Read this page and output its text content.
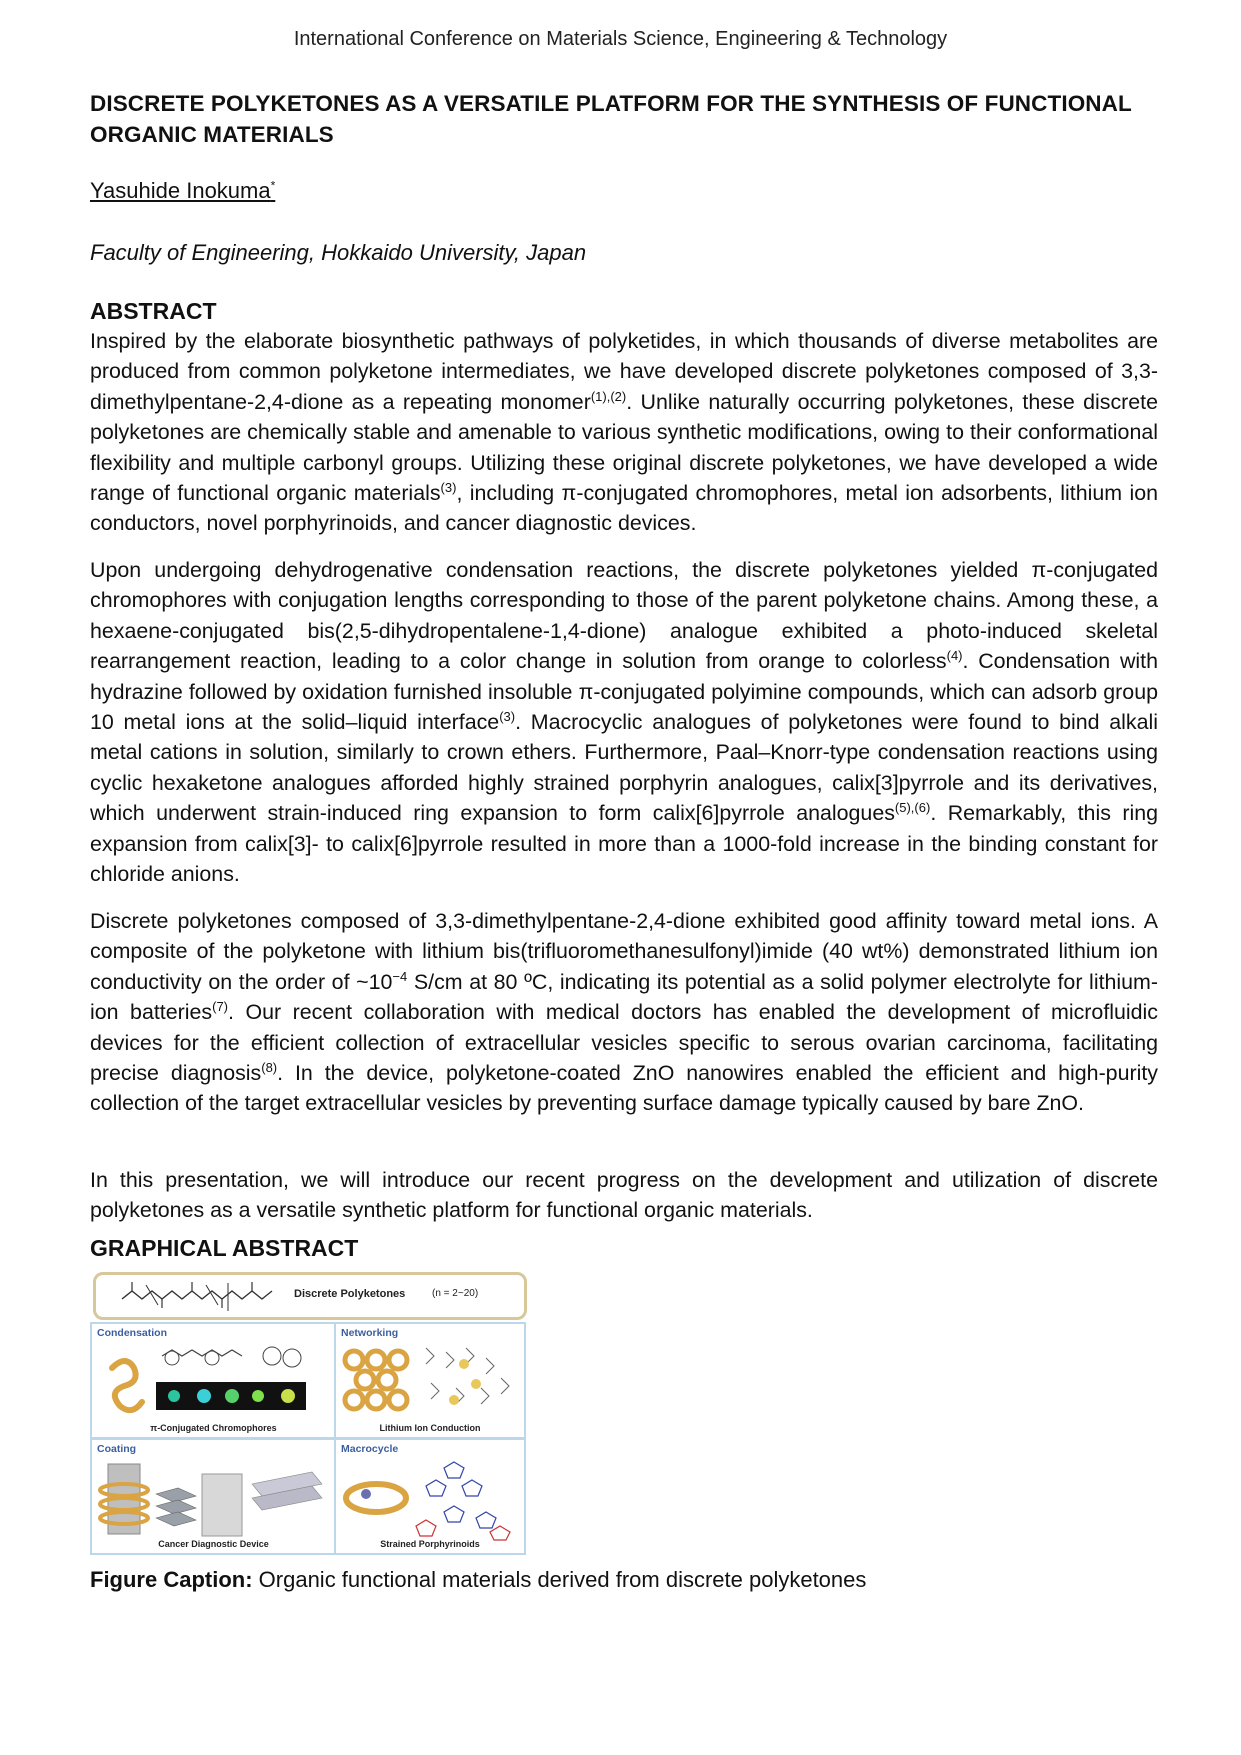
International Conference on Materials Science, Engineering & Technology
DISCRETE POLYKETONES AS A VERSATILE PLATFORM FOR THE SYNTHESIS OF FUNCTIONAL ORGANIC MATERIALS
Yasuhide Inokuma*
Faculty of Engineering, Hokkaido University, Japan
ABSTRACT
Inspired by the elaborate biosynthetic pathways of polyketides, in which thousands of diverse metabolites are produced from common polyketone intermediates, we have developed discrete polyketones composed of 3,3-dimethylpentane-2,4-dione as a repeating monomer$^{(1),(2)}$. Unlike naturally occurring polyketones, these discrete polyketones are chemically stable and amenable to various synthetic modifications, owing to their conformational flexibility and multiple carbonyl groups. Utilizing these original discrete polyketones, we have developed a wide range of functional organic materials$^{(3)}$, including π-conjugated chromophores, metal ion adsorbents, lithium ion conductors, novel porphyrinoids, and cancer diagnostic devices.
Upon undergoing dehydrogenative condensation reactions, the discrete polyketones yielded π-conjugated chromophores with conjugation lengths corresponding to those of the parent polyketone chains. Among these, a hexaene-conjugated bis(2,5-dihydropentalene-1,4-dione) analogue exhibited a photo-induced skeletal rearrangement reaction, leading to a color change in solution from orange to colorless$^{(4)}$. Condensation with hydrazine followed by oxidation furnished insoluble π-conjugated polyimine compounds, which can adsorb group 10 metal ions at the solid–liquid interface$^{(3)}$. Macrocyclic analogues of polyketones were found to bind alkali metal cations in solution, similarly to crown ethers. Furthermore, Paal–Knorr-type condensation reactions using cyclic hexaketone analogues afforded highly strained porphyrin analogues, calix[3]pyrrole and its derivatives, which underwent strain-induced ring expansion to form calix[6]pyrrole analogues$^{(5),(6)}$. Remarkably, this ring expansion from calix[3]- to calix[6]pyrrole resulted in more than a 1000-fold increase in the binding constant for chloride anions.
Discrete polyketones composed of 3,3-dimethylpentane-2,4-dione exhibited good affinity toward metal ions. A composite of the polyketone with lithium bis(trifluoromethanesulfonyl)imide (40 wt%) demonstrated lithium ion conductivity on the order of $\sim 10^{-4}$ S/cm at 80 ºC, indicating its potential as a solid polymer electrolyte for lithium-ion batteries$^{(7)}$. Our recent collaboration with medical doctors has enabled the development of microfluidic devices for the efficient collection of extracellular vesicles specific to serous ovarian carcinoma, facilitating precise diagnosis$^{(8)}$. In the device, polyketone-coated ZnO nanowires enabled the efficient and high-purity collection of the target extracellular vesicles by preventing surface damage typically caused by bare ZnO.
In this presentation, we will introduce our recent progress on the development and utilization of discrete polyketones as a versatile synthetic platform for functional organic materials.
GRAPHICAL ABSTRACT
Discrete Polyketones	(n = 2~20)
Condensation
π-Conjugated Chromophores
Networking
Lithium Ion Conduction
Coating
Cancer Diagnostic Device
Macrocycle
Strained Porphyrinoids
Figure Caption: Organic functional materials derived from discrete polyketones
